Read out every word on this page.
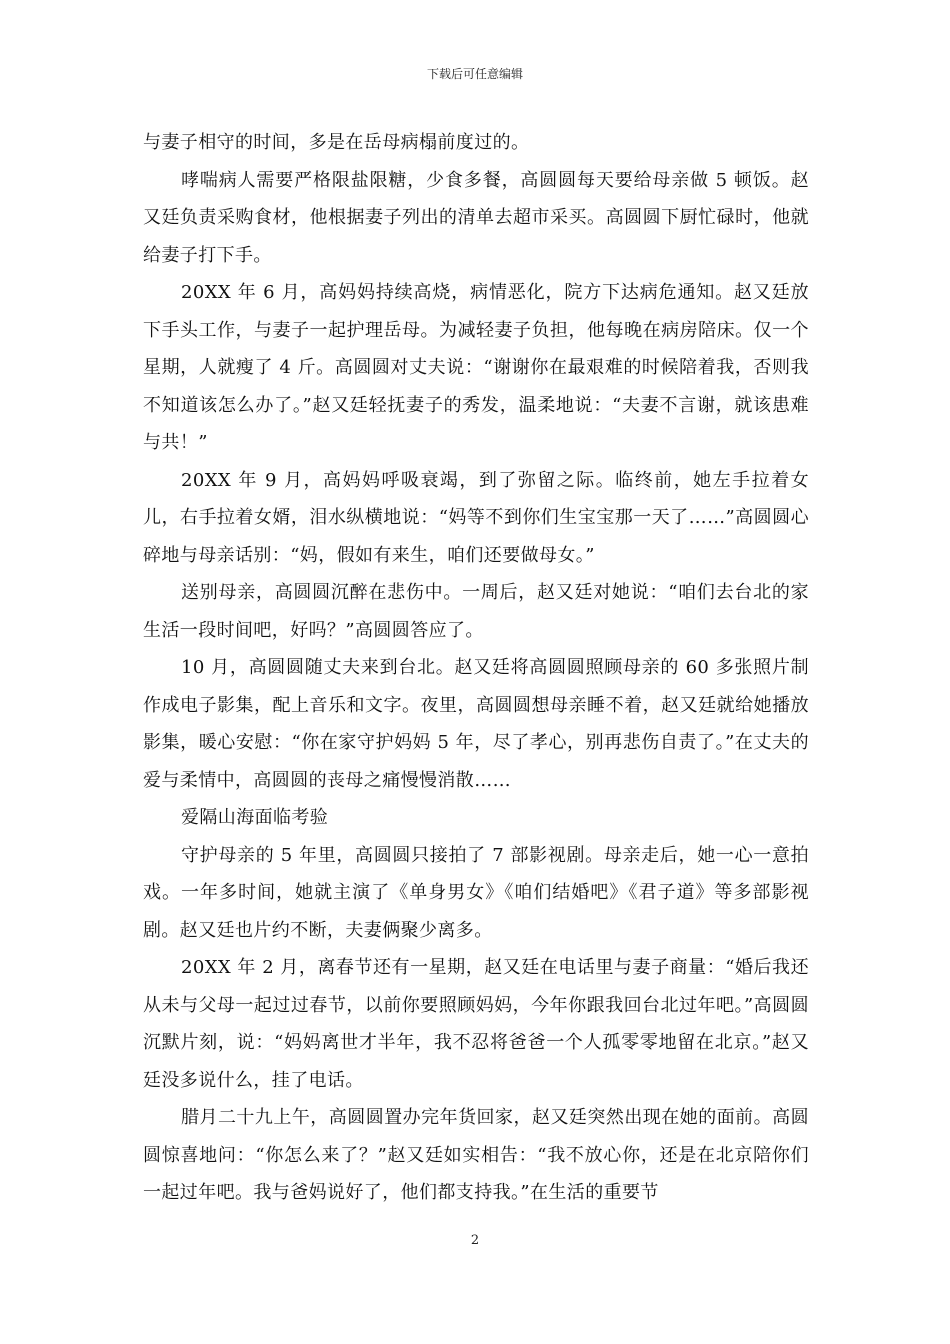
下载后可任意编辑

与妻子相守的时间，多是在岳母病榻前度过的。

哮喘病人需要严格限盐限糖，少食多餐，高圆圆每天要给母亲做 5 顿饭。赵又廷负责采购食材，他根据妻子列出的清单去超市采买。高圆圆下厨忙碌时，他就给妻子打下手。

20XX 年 6 月，高妈妈持续高烧，病情恶化，院方下达病危通知。赵又廷放下手头工作，与妻子一起护理岳母。为减轻妻子负担，他每晚在病房陪床。仅一个星期，人就瘦了 4 斤。高圆圆对丈夫说：“谢谢你在最艰难的时候陪着我，否则我不知道该怎么办了。”赵又廷轻抚妻子的秀发，温柔地说：“夫妻不言谢，就该患难与共！”

20XX 年 9 月，高妈妈呼吸衰竭，到了弥留之际。临终前，她左手拉着女儿，右手拉着女婿，泪水纵横地说：“妈等不到你们生宝宝那一天了……”高圆圆心碎地与母亲话别：“妈，假如有来生，咱们还要做母女。”

送别母亲，高圆圆沉醉在悲伤中。一周后，赵又廷对她说：“咱们去台北的家生活一段时间吧，好吗？”高圆圆答应了。

10 月，高圆圆随丈夫来到台北。赵又廷将高圆圆照顾母亲的 60 多张照片制作成电子影集，配上音乐和文字。夜里，高圆圆想母亲睡不着，赵又廷就给她播放影集，暖心安慰：“你在家守护妈妈 5 年，尽了孝心，别再悲伤自责了。”在丈夫的爱与柔情中，高圆圆的丧母之痛慢慢消散……

爱隔山海面临考验

守护母亲的 5 年里，高圆圆只接拍了 7 部影视剧。母亲走后，她一心一意拍戏。一年多时间，她就主演了《单身男女》《咱们结婚吧》《君子道》等多部影视剧。赵又廷也片约不断，夫妻俩聚少离多。

20XX 年 2 月，离春节还有一星期，赵又廷在电话里与妻子商量：“婚后我还从未与父母一起过过春节，以前你要照顾妈妈，今年你跟我回台北过年吧。”高圆圆沉默片刻，说：“妈妈离世才半年，我不忍将爸爸一个人孤零零地留在北京。”赵又廷没多说什么，挂了电话。

腊月二十九上午，高圆圆置办完年货回家，赵又廷突然出现在她的面前。高圆圆惊喜地问：“你怎么来了？”赵又廷如实相告：“我不放心你，还是在北京陪你们一起过年吧。我与爸妈说好了，他们都支持我。”在生活的重要节

2
